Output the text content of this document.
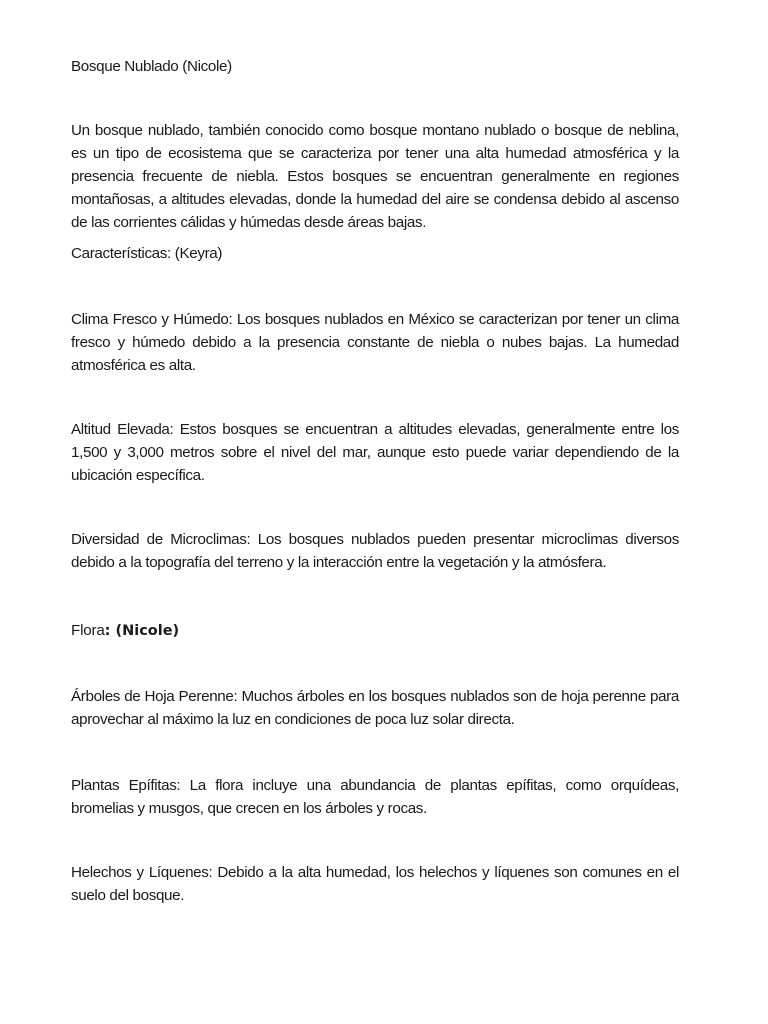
Bosque Nublado (Nicole)

Un bosque nublado, también conocido como bosque montano nublado o bosque de neblina, es un tipo de ecosistema que se caracteriza por tener una alta humedad atmosférica y la presencia frecuente de niebla. Estos bosques se encuentran generalmente en regiones montañosas, a altitudes elevadas, donde la humedad del aire se condensa debido al ascenso de las corrientes cálidas y húmedas desde áreas bajas.

Características: (Keyra)

Clima Fresco y Húmedo: Los bosques nublados en México se caracterizan por tener un clima fresco y húmedo debido a la presencia constante de niebla o nubes bajas. La humedad atmosférica es alta.

Altitud Elevada: Estos bosques se encuentran a altitudes elevadas, generalmente entre los 1,500 y 3,000 metros sobre el nivel del mar, aunque esto puede variar dependiendo de la ubicación específica.

Diversidad de Microclimas: Los bosques nublados pueden presentar microclimas diversos debido a la topografía del terreno y la interacción entre la vegetación y la atmósfera.

Flora: (Nicole)

Árboles de Hoja Perenne: Muchos árboles en los bosques nublados son de hoja perenne para aprovechar al máximo la luz en condiciones de poca luz solar directa.

Plantas Epífitas: La flora incluye una abundancia de plantas epífitas, como orquídeas, bromelias y musgos, que crecen en los árboles y rocas.

Helechos y Líquenes: Debido a la alta humedad, los helechos y líquenes son comunes en el suelo del bosque.
